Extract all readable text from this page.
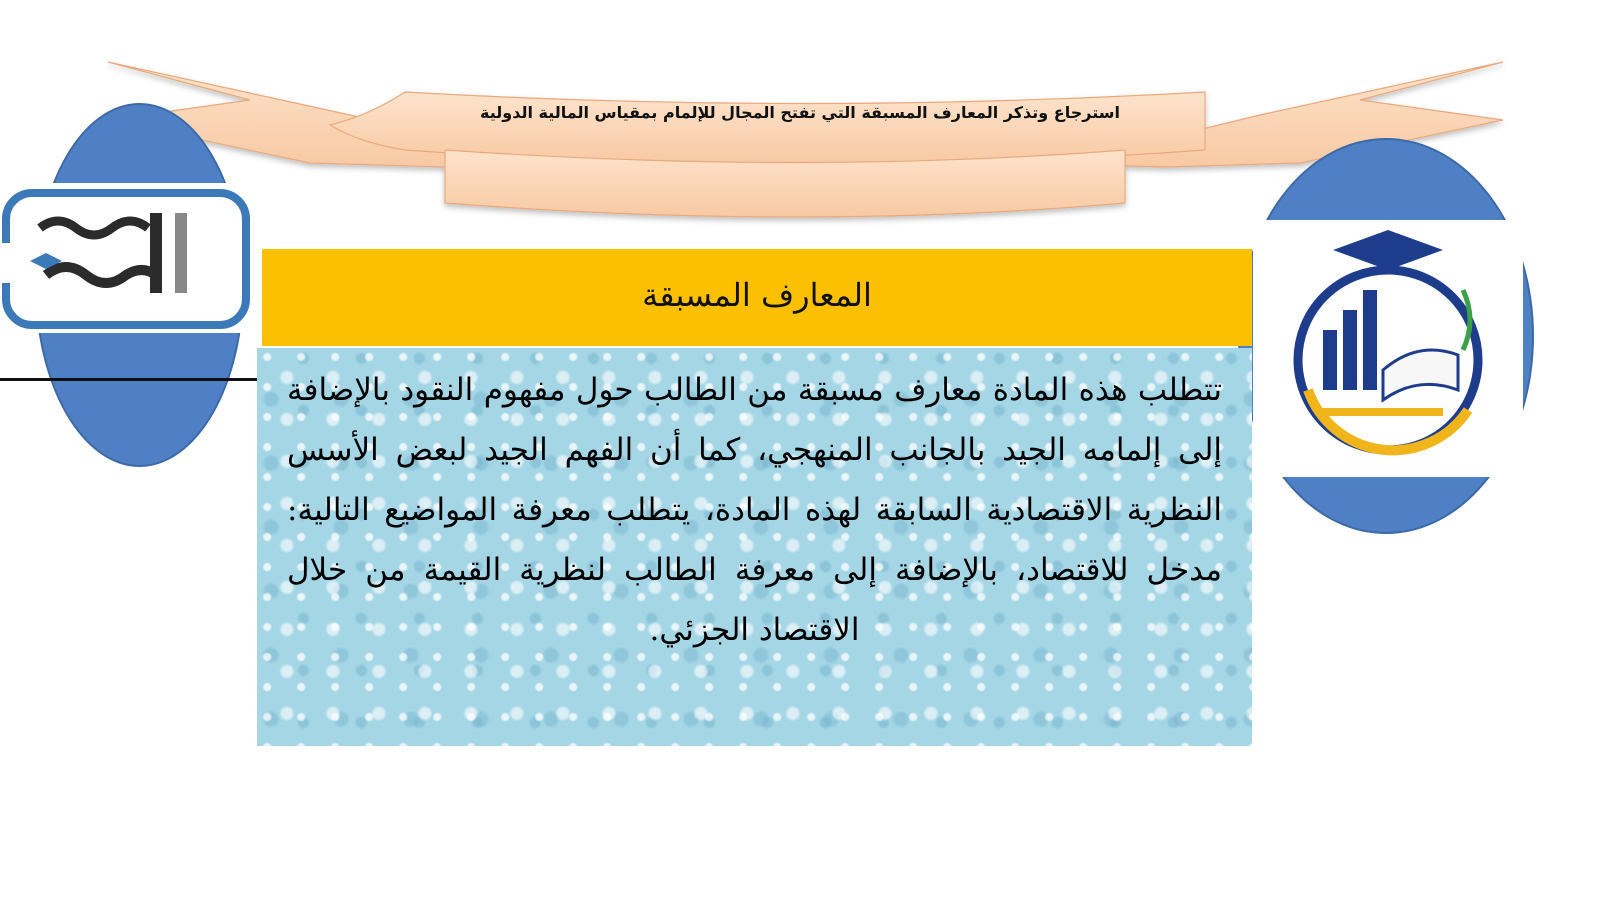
استرجاع وتذكر المعارف المسبقة التي تفتح المجال للإلمام بمقياس المالية الدولية
المعارف المسبقة
تتطلب هذه المادة معارف مسبقة من الطالب حول مفهوم النقود بالإضافة إلى إلمامه الجيد بالجانب المنهجي، كما أن الفهم الجيد لبعض الأسس النظرية الاقتصادية السابقة لهذه المادة، يتطلب معرفة المواضيع التالية: مدخل للاقتصاد، بالإضافة إلى معرفة الطالب لنظرية القيمة من خلال الاقتصاد الجزئي.
